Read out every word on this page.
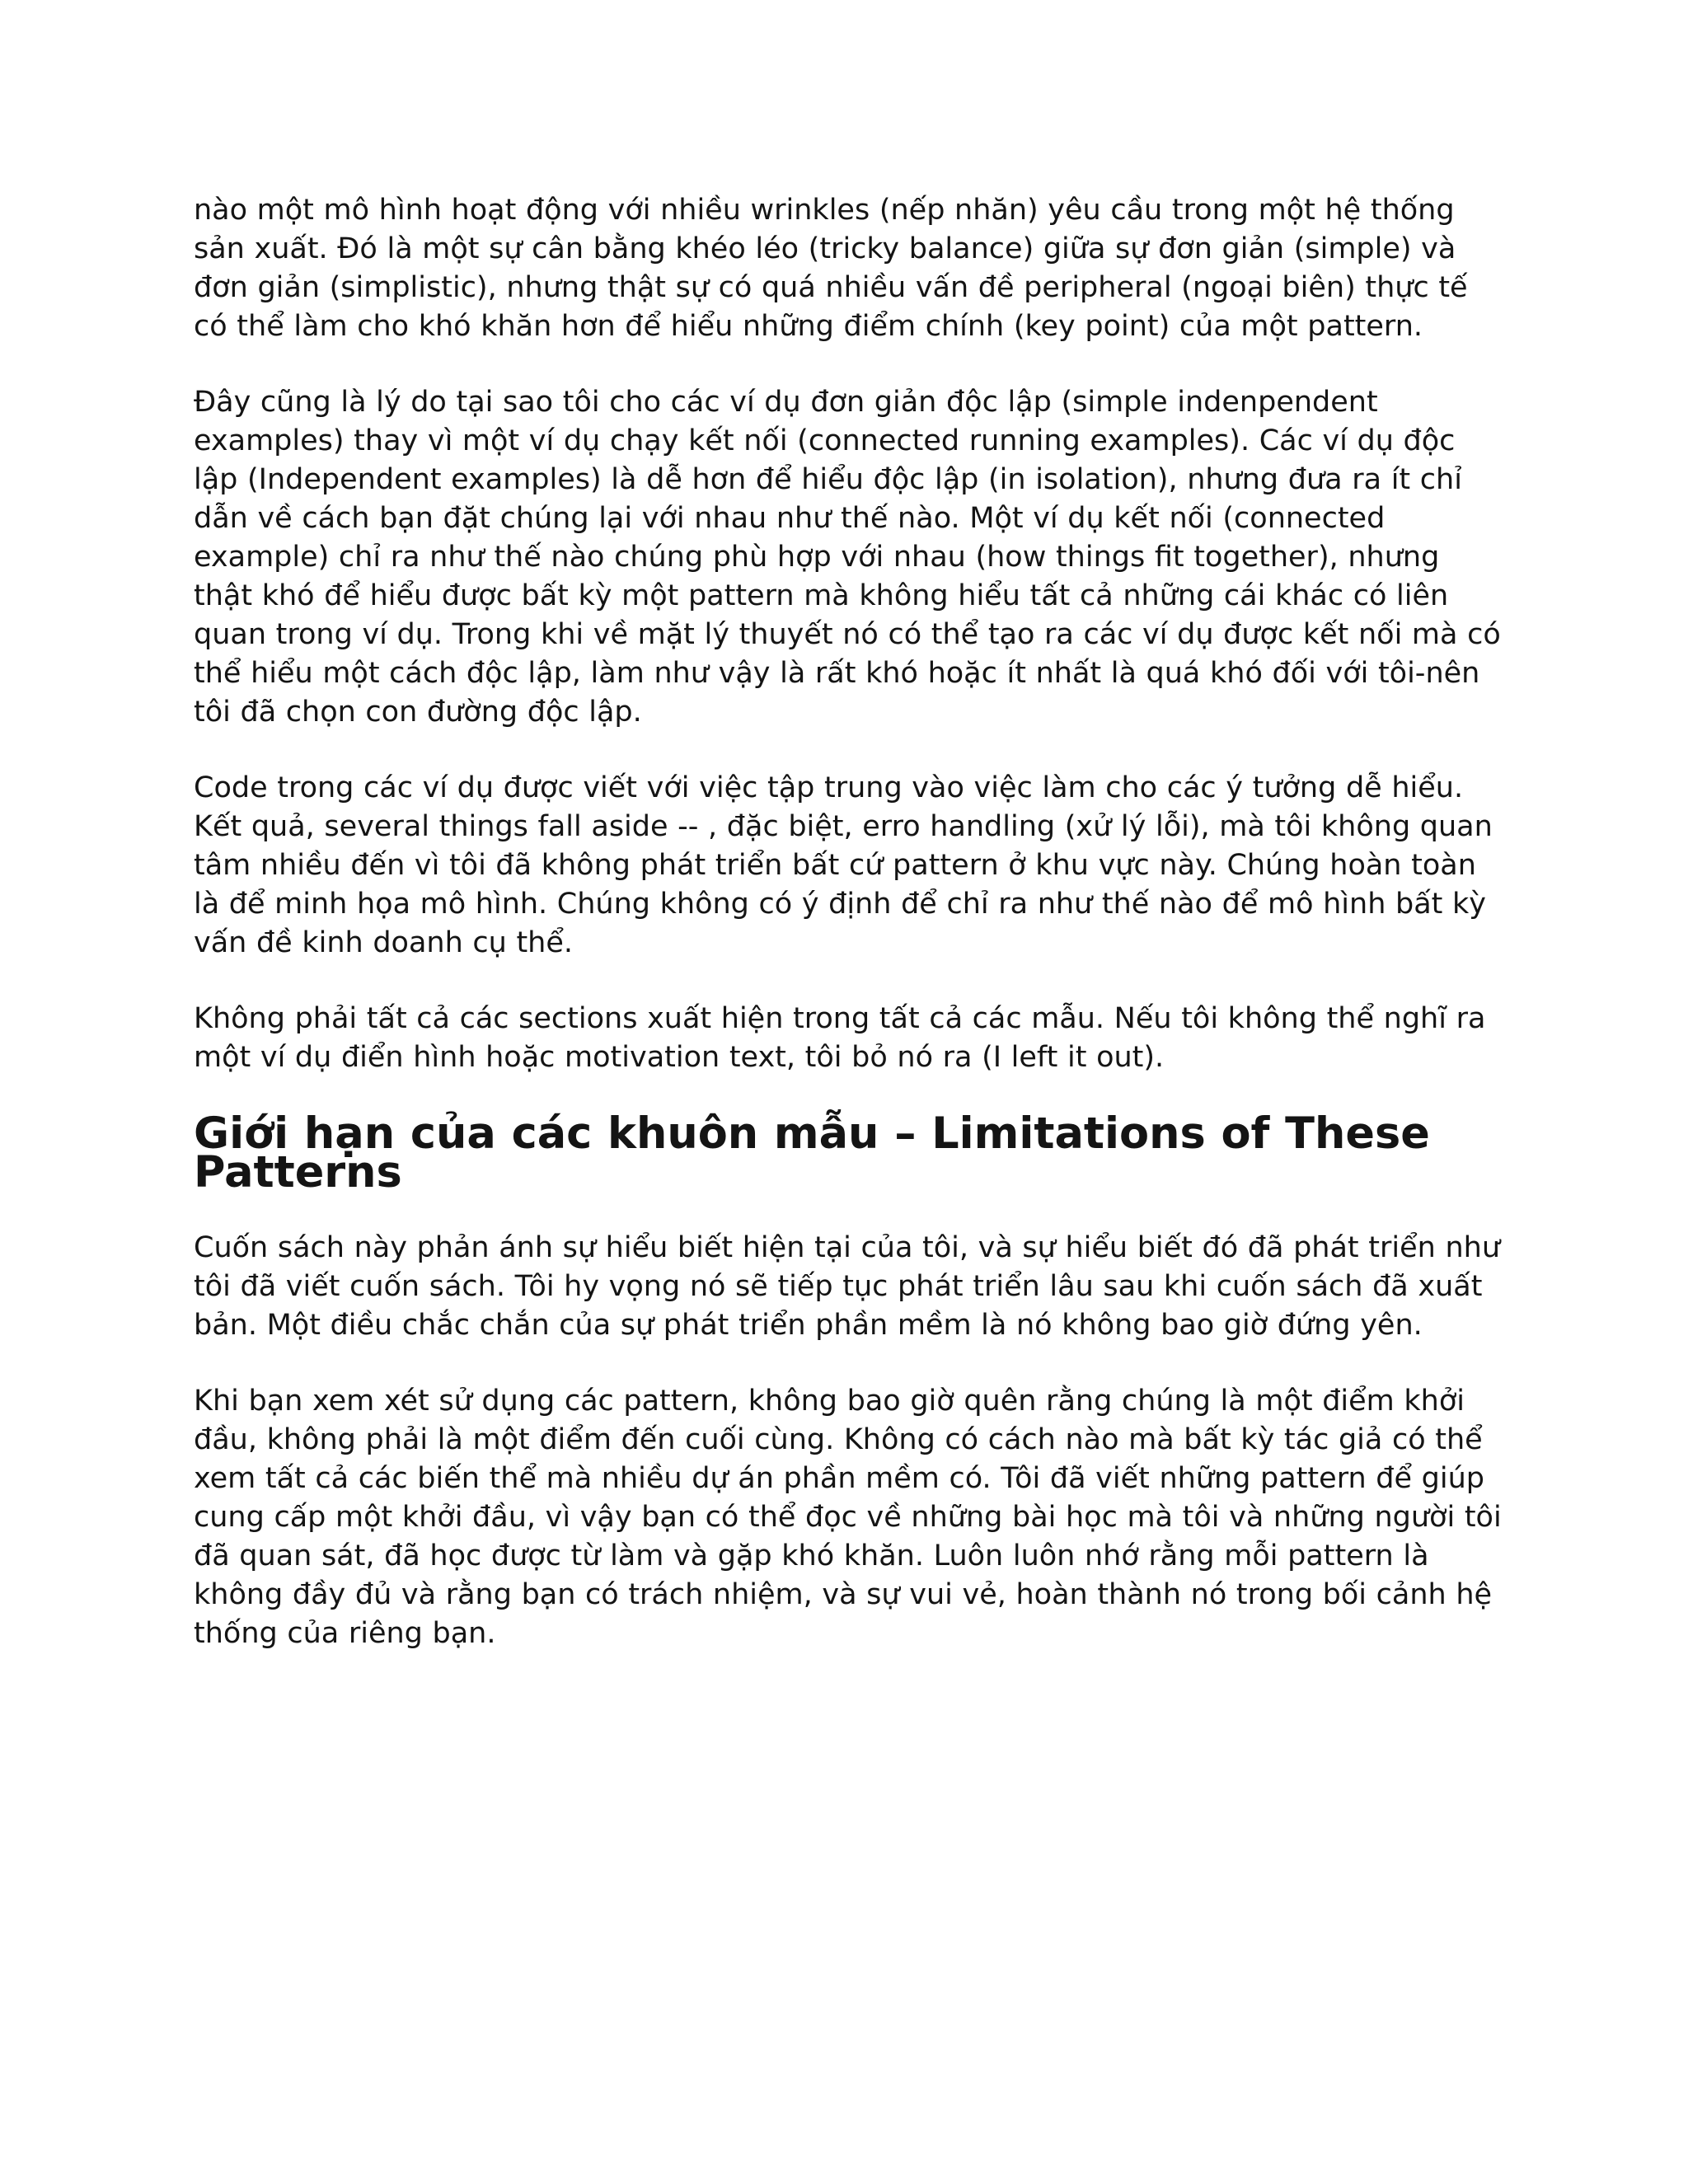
nào một mô hình hoạt động với nhiều wrinkles (nếp nhăn) yêu cầu trong một hệ thống sản xuất. Đó là một sự cân bằng khéo léo (tricky balance) giữa sự đơn giản (simple) và đơn giản (simplistic), nhưng thật sự có quá nhiều vấn đề peripheral (ngoại biên) thực tế có thể làm cho khó khăn hơn để hiểu những điểm chính (key point) của một pattern.

Đây cũng là lý do tại sao tôi cho các ví dụ đơn giản độc lập (simple indenpendent examples) thay vì một ví dụ chạy kết nối (connected running examples). Các ví dụ độc lập (Independent examples) là dễ hơn để hiểu độc lập (in isolation), nhưng đưa ra ít chỉ dẫn về cách bạn đặt chúng lại với nhau như thế nào. Một ví dụ kết nối (connected example) chỉ ra như thế nào chúng phù hợp với nhau (how things fit together), nhưng thật khó để hiểu được bất kỳ một pattern mà không hiểu tất cả những cái khác có liên quan trong ví dụ. Trong khi về mặt lý thuyết nó có thể tạo ra các ví dụ được kết nối mà có thể hiểu một cách độc lập, làm như vậy là rất khó hoặc ít nhất là quá khó đối với tôi-nên tôi đã chọn con đường độc lập.

Code trong các ví dụ được viết với việc tập trung vào việc làm cho các ý tưởng dễ hiểu. Kết quả, several things fall aside -- , đặc biệt, erro handling (xử lý lỗi), mà tôi không quan tâm nhiều đến vì tôi đã không phát triển bất cứ pattern ở khu vực này. Chúng hoàn toàn là để minh họa mô hình. Chúng không có ý định để chỉ ra như thế nào để mô hình bất kỳ vấn đề kinh doanh cụ thể.

Không phải tất cả các sections xuất hiện trong tất cả các mẫu. Nếu tôi không thể nghĩ ra một ví dụ điển hình hoặc motivation text, tôi bỏ nó ra (I left it out).

Giới hạn của các khuôn mẫu – Limitations of These Patterns

Cuốn sách này phản ánh sự hiểu biết hiện tại của tôi, và sự hiểu biết đó đã phát triển như tôi đã viết cuốn sách. Tôi hy vọng nó sẽ tiếp tục phát triển lâu sau khi cuốn sách đã xuất bản. Một điều chắc chắn của sự phát triển phần mềm là nó không bao giờ đứng yên.

Khi bạn xem xét sử dụng các pattern, không bao giờ quên rằng chúng là một điểm khởi đầu, không phải là một điểm đến cuối cùng. Không có cách nào mà bất kỳ tác giả có thể xem tất cả các biến thể mà nhiều dự án phần mềm có. Tôi đã viết những pattern để giúp cung cấp một khởi đầu, vì vậy bạn có thể đọc về những bài học mà tôi và những người tôi đã quan sát, đã học được từ làm và gặp khó khăn. Luôn luôn nhớ rằng mỗi pattern là không đầy đủ và rằng bạn có trách nhiệm, và sự vui vẻ, hoàn thành nó trong bối cảnh hệ thống của riêng bạn.
